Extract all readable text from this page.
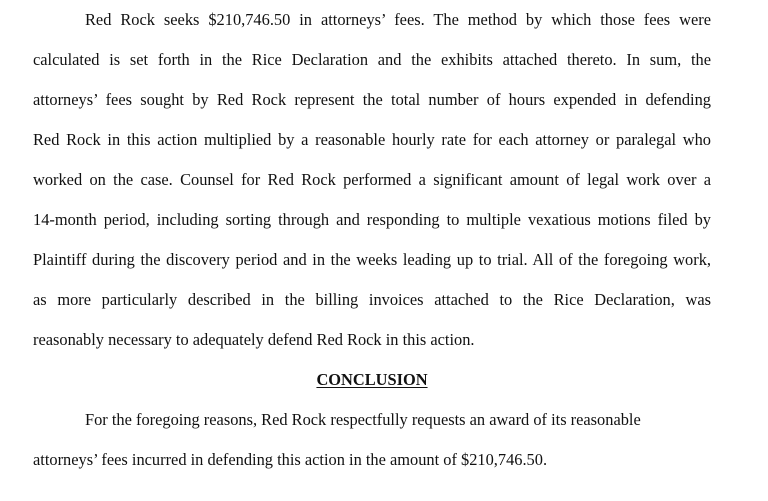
Red Rock seeks $210,746.50 in attorneys’ fees. The method by which those fees were
calculated is set forth in the Rice Declaration and the exhibits attached thereto. In sum, the
attorneys’ fees sought by Red Rock represent the total number of hours expended in defending
Red Rock in this action multiplied by a reasonable hourly rate for each attorney or paralegal who
worked on the case. Counsel for Red Rock performed a significant amount of legal work over a
14-month period, including sorting through and responding to multiple vexatious motions filed by
Plaintiff during the discovery period and in the weeks leading up to trial. All of the foregoing work,
as more particularly described in the billing invoices attached to the Rice Declaration, was
reasonably necessary to adequately defend Red Rock in this action.
CONCLUSION
For the foregoing reasons, Red Rock respectfully requests an award of its reasonable
attorneys’ fees incurred in defending this action in the amount of $210,746.50.
